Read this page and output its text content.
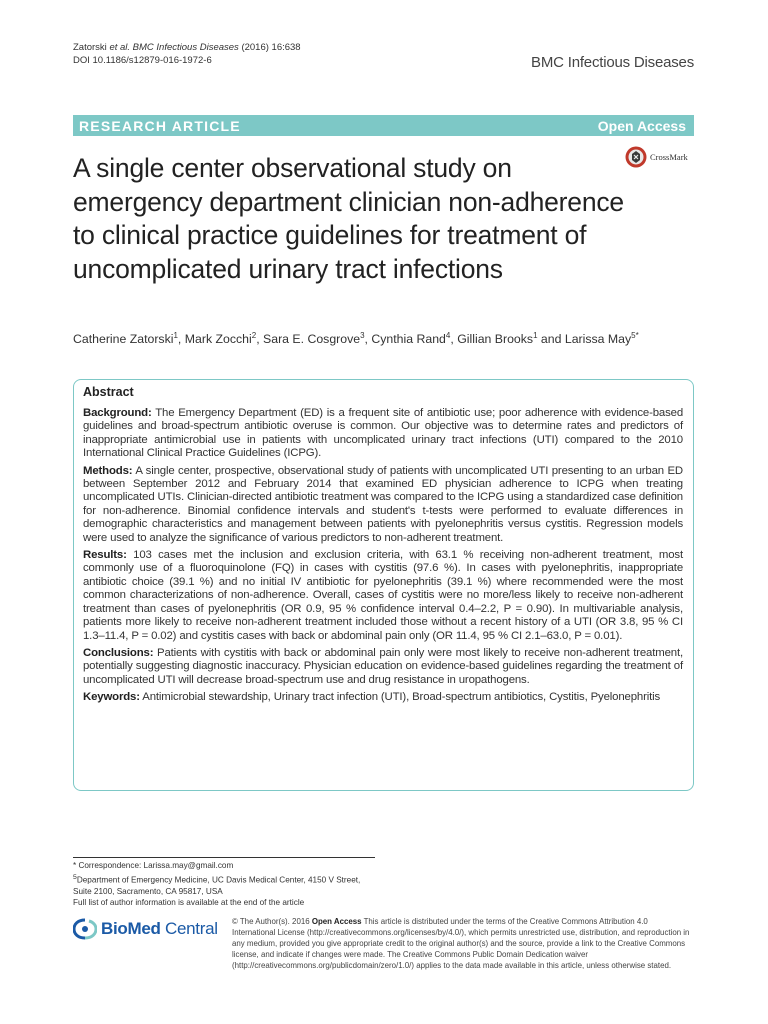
Zatorski et al. BMC Infectious Diseases (2016) 16:638
DOI 10.1186/s12879-016-1972-6	BMC Infectious Diseases
RESEARCH ARTICLE	Open Access
A single center observational study on emergency department clinician non-adherence to clinical practice guidelines for treatment of uncomplicated urinary tract infections
CrossMark
Catherine Zatorski$^1$, Mark Zocchi$^2$, Sara E. Cosgrove$^3$, Cynthia Rand$^4$, Gillian Brooks$^1$ and Larissa May$^{5*}$
Abstract

Background: The Emergency Department (ED) is a frequent site of antibiotic use; poor adherence with evidence-based guidelines and broad-spectrum antibiotic overuse is common. Our objective was to determine rates and predictors of inappropriate antimicrobial use in patients with uncomplicated urinary tract infections (UTI) compared to the 2010 International Clinical Practice Guidelines (ICPG).

Methods: A single center, prospective, observational study of patients with uncomplicated UTI presenting to an urban ED between September 2012 and February 2014 that examined ED physician adherence to ICPG when treating uncomplicated UTIs. Clinician-directed antibiotic treatment was compared to the ICPG using a standardized case definition for non-adherence. Binomial confidence intervals and student's t-tests were performed to evaluate differences in demographic characteristics and management between patients with pyelonephritis versus cystitis. Regression models were used to analyze the significance of various predictors to non-adherent treatment.

Results: 103 cases met the inclusion and exclusion criteria, with 63.1 % receiving non-adherent treatment, most commonly use of a fluoroquinolone (FQ) in cases with cystitis (97.6 %). In cases with pyelonephritis, inappropriate antibiotic choice (39.1 %) and no initial IV antibiotic for pyelonephritis (39.1 %) where recommended were the most common characterizations of non-adherence. Overall, cases of cystitis were no more/less likely to receive non-adherent treatment than cases of pyelonephritis (OR 0.9, 95 % confidence interval 0.4–2.2, P = 0.90). In multivariable analysis, patients more likely to receive non-adherent treatment included those without a recent history of a UTI (OR 3.8, 95 % CI 1.3–11.4, P = 0.02) and cystitis cases with back or abdominal pain only (OR 11.4, 95 % CI 2.1–63.0, P = 0.01).

Conclusions: Patients with cystitis with back or abdominal pain only were most likely to receive non-adherent treatment, potentially suggesting diagnostic inaccuracy. Physician education on evidence-based guidelines regarding the treatment of uncomplicated UTI will decrease broad-spectrum use and drug resistance in uropathogens.

Keywords: Antimicrobial stewardship, Urinary tract infection (UTI), Broad-spectrum antibiotics, Cystitis, Pyelonephritis

* Correspondence: Larissa.may@gmail.com
$^5$Department of Emergency Medicine, UC Davis Medical Center, 4150 V Street, Suite 2100, Sacramento, CA 95817, USA
Full list of author information is available at the end of the article
BioMed Central © The Author(s). 2016 Open Access This article is distributed under the terms of the Creative Commons Attribution 4.0 International License (http://creativecommons.org/licenses/by/4.0/), which permits unrestricted use, distribution, and reproduction in any medium, provided you give appropriate credit to the original author(s) and the source, provide a link to the Creative Commons license, and indicate if changes were made. The Creative Commons Public Domain Dedication waiver (http://creativecommons.org/publicdomain/zero/1.0/) applies to the data made available in this article, unless otherwise stated.
